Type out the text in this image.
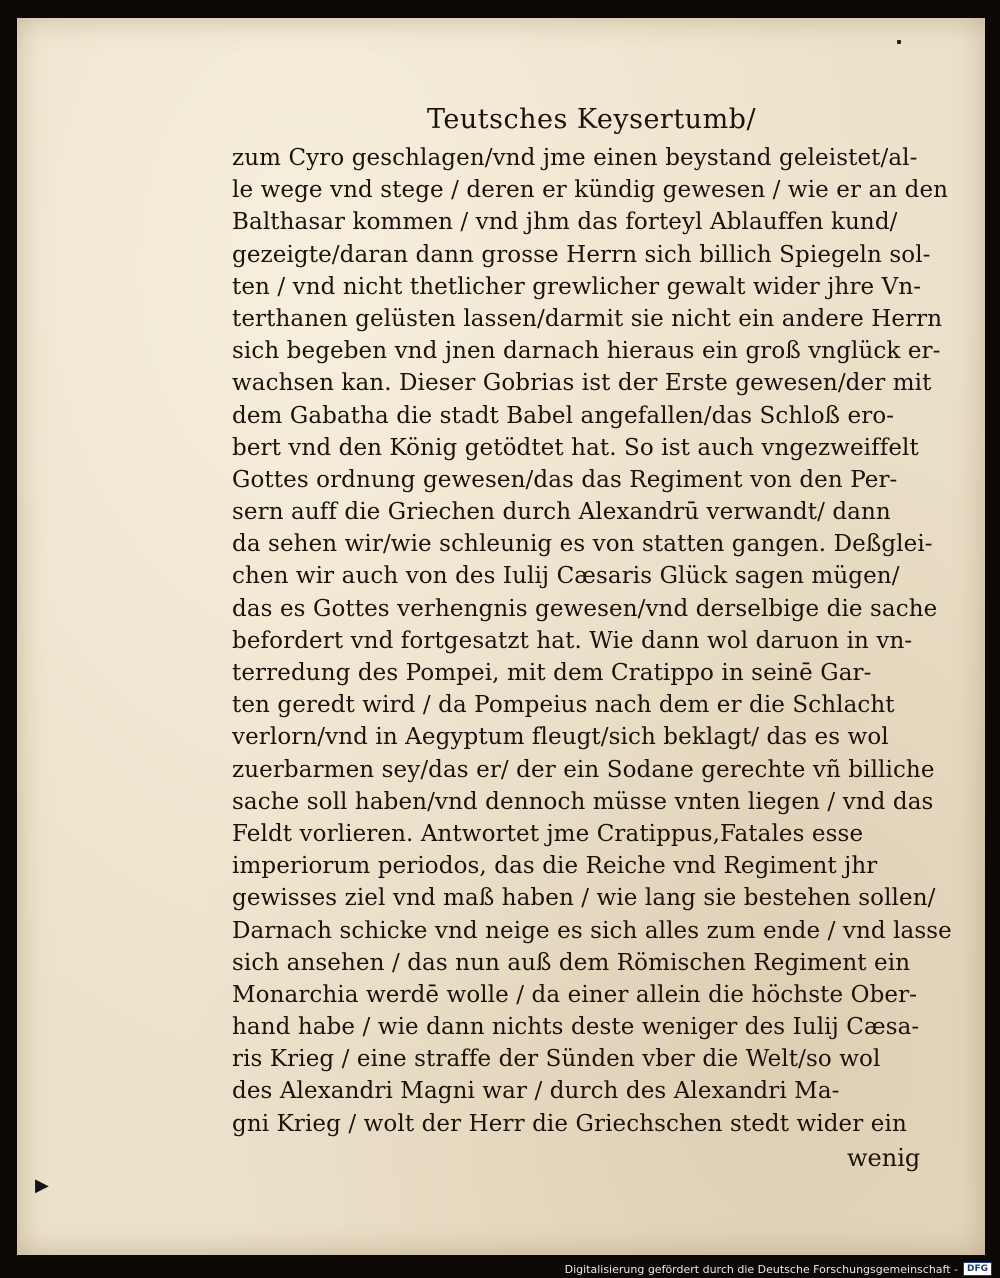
Teutsches Keysertumb/
zum Cyro geschlagen/vnd jme einen beystand geleistet/al-
le wege vnd stege / deren er kündig gewesen / wie er an den
Balthasar kommen / vnd jhm das forteyl Ablauffen kund/
gezeigte/daran dann grosse Herrn sich billich Spiegeln sol-
ten / vnd nicht thetlicher grewlicher gewalt wider jhre Vn-
terthanen gelüsten lassen/darmit sie nicht ein andere Herrn
sich begeben vnd jnen darnach hieraus ein groß vnglück er-
wachsen kan. Dieser Gobrias ist der Erste gewesen/der mit
dem Gabatha die stadt Babel angefallen/das Schloß ero-
bert vnd den König getödtet hat. So ist auch vngezweiffelt
Gottes ordnung gewesen/das das Regiment von den Per-
sern auff die Griechen durch Alexandrū verwandt/ dann
da sehen wir/wie schleunig es von statten gangen. Deßglei-
chen wir auch von des Iulij Cæsaris Glück sagen mügen/
das es Gottes verhengnis gewesen/vnd derselbige die sache
befordert vnd fortgesatzt hat. Wie dann wol daruon in vn-
terredung des Pompei, mit dem Cratippo in seinē Gar-
ten geredt wird / da Pompeius nach dem er die Schlacht
verlorn/vnd in Aegyptum fleugt/sich beklagt/ das es wol
zuerbarmen sey/das er/ der ein Sodane gerechte vñ billiche
sache soll haben/vnd dennoch müsse vnten liegen / vnd das
Feldt vorlieren. Antwortet jme Cratippus,Fatales esse
imperiorum periodos, das die Reiche vnd Regiment jhr
gewisses ziel vnd maß haben / wie lang sie bestehen sollen/
Darnach schicke vnd neige es sich alles zum ende / vnd lasse
sich ansehen / das nun auß dem Römischen Regiment ein
Monarchia werdē wolle / da einer allein die höchste Ober-
hand habe / wie dann nichts deste weniger des Iulij Cæsa-
ris Krieg / eine straffe der Sünden vber die Welt/so wol
des Alexandri Magni war / durch des Alexandri Ma-
gni Krieg / wolt der Herr die Griechschen stedt wider ein
wenig
▶
Digitalisierung gefördert durch die Deutsche Forschungsgemeinschaft -	DFG
